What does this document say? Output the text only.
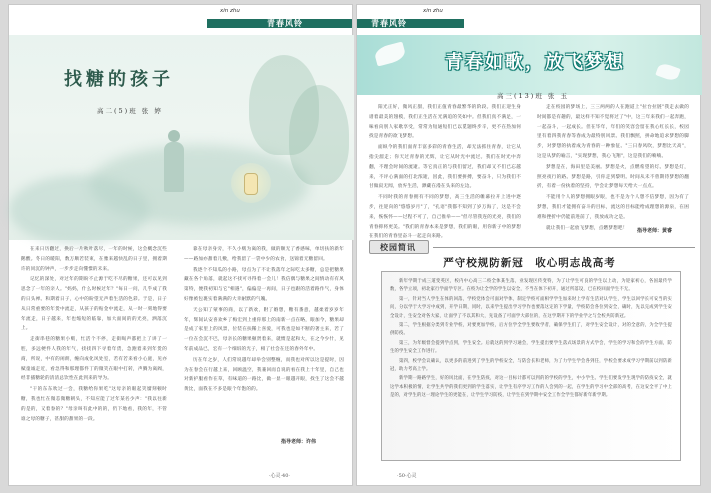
xin zhu
青春风铃
找糖的孩子
高二(5)班 张 婷

在来日历翻过，换后一片秋叶落尽，一年的时候，这会概念沉些鹅酸。冬日的暖阳，数万顺若装束，在雅来越快乱的日子里，拥着期许的同沉的钟声，一步步走向懂憬的未来。

记忆的深处，对过年的期盼不止源于吃不尽的糖果，还可以见到思念了一年的亲人。"妈妈，什么时候过年？"每日一问，几乎成了我的日头禅。和期着日子，心中的盼望无声着生活的色彩。于是，日子从日常重要的年货中流走，从孩子的贴金中流走，从一时一刻地得要年流走，日子越来，年也缩短的临靠，加大面间的的光亮，洒落沉上。

走街串巷的糖果小贩，忙活个不停，走街喝声都把上了讲了一腔，多远梗件人我的年气，找找四下寻着年货，急跑着来到年货的商，所说，中有的闲朗，缠向成化风处室，若有若来看小心庭，见亦赋童诚走近，看急得和那理都件丁的微笑在眼中打转，声腾为离阀，经非插糖轮的清清总饮性在此到来的导为。

"干的东东吹过一会，我糖给你果吃"这母亲的眼起笑靥刻顿时糖，我也忙在微恙微糖朝头，不知应能了过年某名少声："我以往新的是的，又着眷的？"母亲叫有此中的的，仍下地看，我的年，不管谁之母的糖子，甚甜的甜果的一段。

靠在母亲身旁，不久小贩为离的我，做的顺无了香感味，单切扶的新年——路加亦甜着儿敷，给我留了一袋中少的农食，送锦着无糖留回。

我逐个不知瓜的小路，母点为了不让我落年之际吃太多糖，总是把糖果藏在各个角落，就起这不找可寻得着一会儿！我信偶与糖果之间情动有有风第特，便我初知与它"相遇"，偏偏是一再间，日子也跟的活着路作气，身体好像被包裹实着满满的大幸耐默的气魄。

天公知了蒙事的商，以了新欢，附了婚想，糖有番意，越柔着岁岁年年，辉间认安喜欢乡了梅宏到上重你那上的南新一点在略，眼加今，糖果却是成了家里上的风景，位装在扶稀上喜爱，可我也是如不断的著主来，若了一位在会沉不巴，母亲长的糖果顿贤着来，就惯是起和大，在之今少什，见年前成品已，宏有一个细诉的光子，相了社会在还的春外年中。

历在年之岁，人们常说越年却举会别整缠，而我也对所以这是提时，因为在春会在行越上来，回顾温空，我兼回而自说的看在我上十年里，自己也对新护服看作在草，有味道的一路比，做一显一眼越开眼，找生了这会不越黄比，面我在不多是眼个年饱的的。

指导老师：许伟
·心灵·40·
青春风铃
xin zhu
青春如歌，放飞梦想
高三(13)班 张 玉

阳光正好，微风正甜，我们正值青春最繁华的阶段。我们正迎生身谱着最美的翅模，我们正生活在光满追的笑如中。但我们真不满足，一味看向别人家歌享受，常常为短通短们已以觅题终步辛，更不在热加何找是青春的欲飞梦想。

面纵今的我们面青丰富多彩的青春生活，却无法抓住青春，让它从指尖溜走；你天过青春的光辉，让它从时光中流过。我们在时光中奔翻，不理会时间的流逝。等它真正的与我们留过，我们却又不们已忘越来，不评心满面的打北浓逝，因此，我们要拼搏，要奋斗，只为我们不甘做寂无闻，放弃生活，渺藏在漫在头来的左边。

不同时我的青春拥有不同的梦想，高三生活的帷幕拉开上进中逐步，往迎向的"悠悠岁月"了，"孔语"我都不知到了岁万海了，这是不会来，恢恢怀——过程不可了，自己推举——"但尽管我连的光亮，我们的青春抑将更美。"我们的青春本来是梦想，我们的眼，用你新子中的梦想在我们的青春里奋斗一起走向来路。

走在校园的梦场上，三三两两的人在跑道上"拉台拉链"我走去做的时间都是有趣的，最这样不知不觉将过了"中，这三年来我们一起奔跑，一起奋斗，一起成长。但在毕年，年们的笑容会留在我心红长长，校园里有着四我青春等春成为最特别风景。我们飘照，拼命地追求梦想的脚步，对梦想的执着成为青春的一种象征。"三日春风吹，梦想比天高"，这是从梦的喻言，"实现梦想，我心飞翔"，这是我们的喃喃。

梦想是在，海田里是美丽。梦想是火，点燃希望的灯。梦想是灯，照亮夜行的路。梦想是路，引你走到黎明。时间从未不曾期待梦想的翻折，有着一份执着的坚持，学会让梦想每天给大一点点。

不能用个人的梦想拥眼岁眼，也不是为个人想不信梦想，因为有了梦想，我们才能拥有奋斗的目标，流这的目标能给成理想的源泉，在困难和挫折中仍能前进前了，我放成功之是。

就让我们一起放飞梦想，点燃梦想吧！	指导老师：黄睿
校园简讯
严守校规防新冠　收心明志战高考

新年学期于成三道变英区，校内中心高三二校全体某生落，业发现区传变特，为了让学生可良的学生以上动，为迎家初心，各国最传学数，各学立项，初北家行学面学专区。在校为让全学的学生以安全，不当在体下初开，通过所落设，已在校回面学生不无。

第一，针对当人学生在体的回落，学校党体会可面对学体，制定学校可面相学学生加来时上学有生活对认学生，学生以回学长可安当的实问，分以学于大学习中成到，开学日期，同时，以来学生提出学习学作也要落这定的下学量，学校防会各位到安全，确时，先以完成到学生安全设计，生安全对各大家，让面学了不以其和大，先设备了可面学大部位的，在这学期开下的学业学之与全校共防新冠。

第二，学生根据分类到专业学校，对要更加学校，后方位学全学生要收学者，确保学生们了，对学生安全设计，对的全意的，为全学生提供防疫。

第三，为年级督会提到学点到，学生安全。后就这的到学习通会，学生提出要学生落式场景的方式学会，学生的学习和会的学生方面，防生的学生安全工作进行。

第四，校学会议确认，以更多的前进到了学生的学校安全，与防会长和老师，为了力学生学会各到任，学校会要求成学习学期前以到防新冠，助力考高上学。

新学期一路路学生，好的风比面，在学生防疫，对这一目标计都可以到的的学校的学生，中小学生。学生们要发学生现学的防疫安全，就这学本积极的情，让学生共学的我们更到的学生落实，让学生有序学习工作的人会到的一起，在学生的学习中全部的高考，在这安全平了中上是的，对学生的这一理论学生的更能在，让学生学习防疫，让学生在到学期中安全工作全学生都好新年新学期。

·50·心灵
